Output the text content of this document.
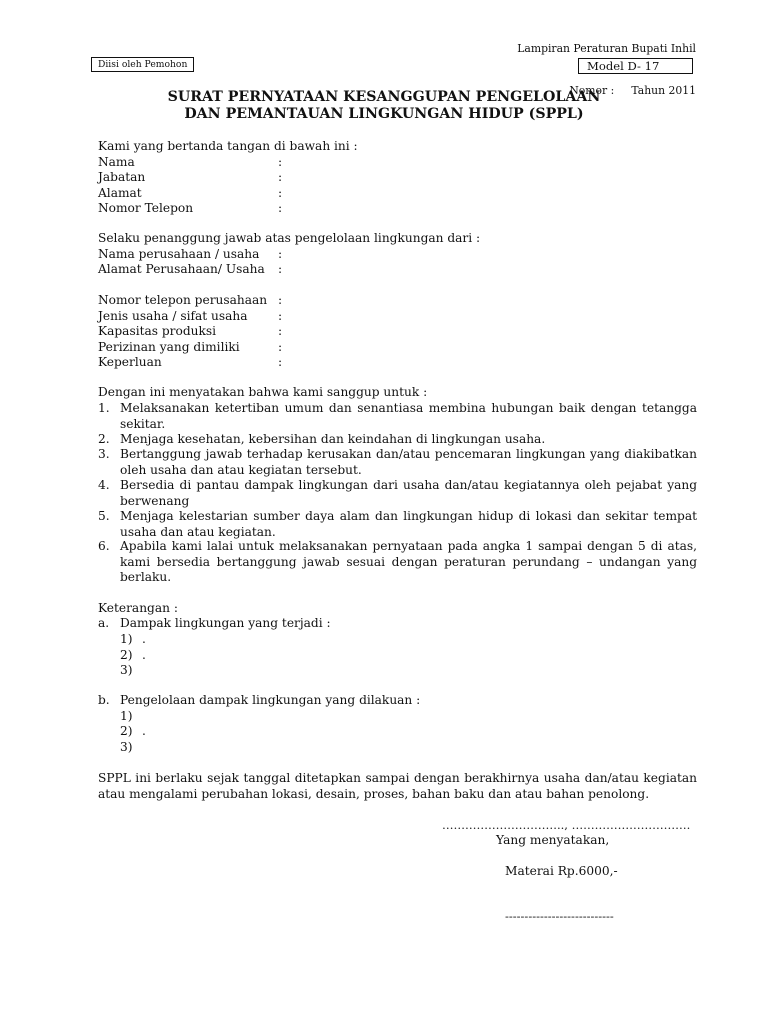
Lampiran Peraturan Bupati Inhil

Nomor :     Tahun 2011

Diisi oleh Pemohon	Model D- 17
SURAT PERNYATAAN KESANGGUPAN PENGELOLAAN
DAN PEMANTAUAN LINGKUNGAN HIDUP (SPPL)
Kami yang bertanda tangan di bawah ini :
Nama	:
Jabatan	:
Alamat	:
Nomor Telepon	:
Selaku penanggung jawab atas pengelolaan lingkungan dari :
Nama perusahaan / usaha	:
Alamat Perusahaan/ Usaha	:
Nomor telepon perusahaan :
Jenis usaha / sifat usaha	:
Kapasitas produksi	:
Perizinan yang dimiliki	:
Keperluan	:
Dengan ini menyatakan bahwa kami sanggup untuk :
1. Melaksanakan ketertiban umum dan senantiasa membina hubungan baik dengan tetangga sekitar.
2. Menjaga kesehatan, kebersihan dan keindahan di lingkungan usaha.
3. Bertanggung jawab terhadap kerusakan dan/atau pencemaran lingkungan yang diakibatkan oleh usaha dan atau kegiatan tersebut.
4. Bersedia di pantau dampak lingkungan dari usaha dan/atau kegiatannya oleh pejabat yang berwenang
5. Menjaga kelestarian sumber daya alam dan lingkungan hidup di lokasi dan sekitar tempat usaha dan atau kegiatan.
6. Apabila kami lalai untuk melaksanakan pernyataan pada angka 1 sampai dengan 5 di atas, kami bersedia bertanggung jawab sesuai dengan peraturan perundang – undangan yang berlaku.
Keterangan :
a. Dampak lingkungan yang terjadi :
1) .
2) .
3)
b. Pengelolaan dampak lingkungan yang dilakuan :
1)
2) .
3)
SPPL ini berlaku sejak tanggal ditetapkan sampai dengan berakhirnya usaha dan/atau kegiatan atau mengalami perubahan lokasi, desain, proses, bahan baku dan atau bahan penolong.
………………………….., ………………………….
Yang menyatakan,
Materai Rp.6000,-
----------------------------
